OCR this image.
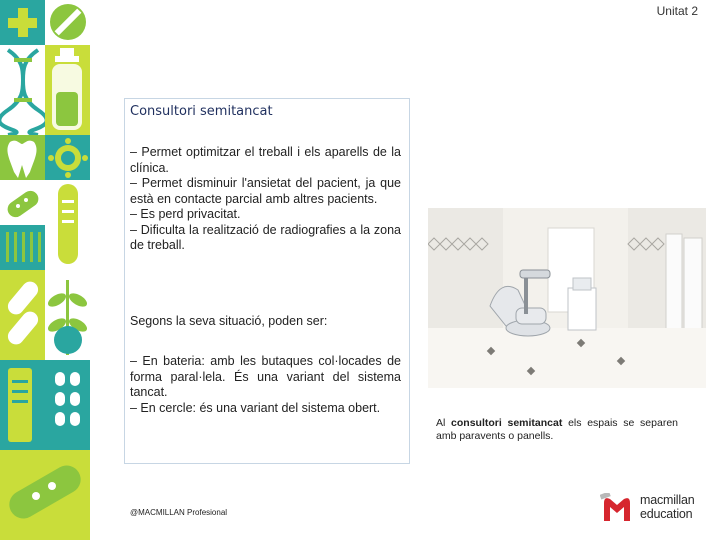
Unitat 2
Consultori semitancat

– Permet optimitzar el treball i els aparells de la clínica.

– Permet disminuir l'ansietat del pacient, ja que està en contacte parcial amb altres pacients.

– Es perd privacitat.

– Dificulta la realització de radiografies a la zona de treball.

Segons la seva situació, poden ser:

– En bateria: amb les butaques col·locades de forma paral·lela. És una variant del sistema tancat.

– En cercle: és una variant del sistema obert.

Al consultori semitancat els espais se separen amb paravents o panells.
@MACMILLAN Profesional
macmillan
education
